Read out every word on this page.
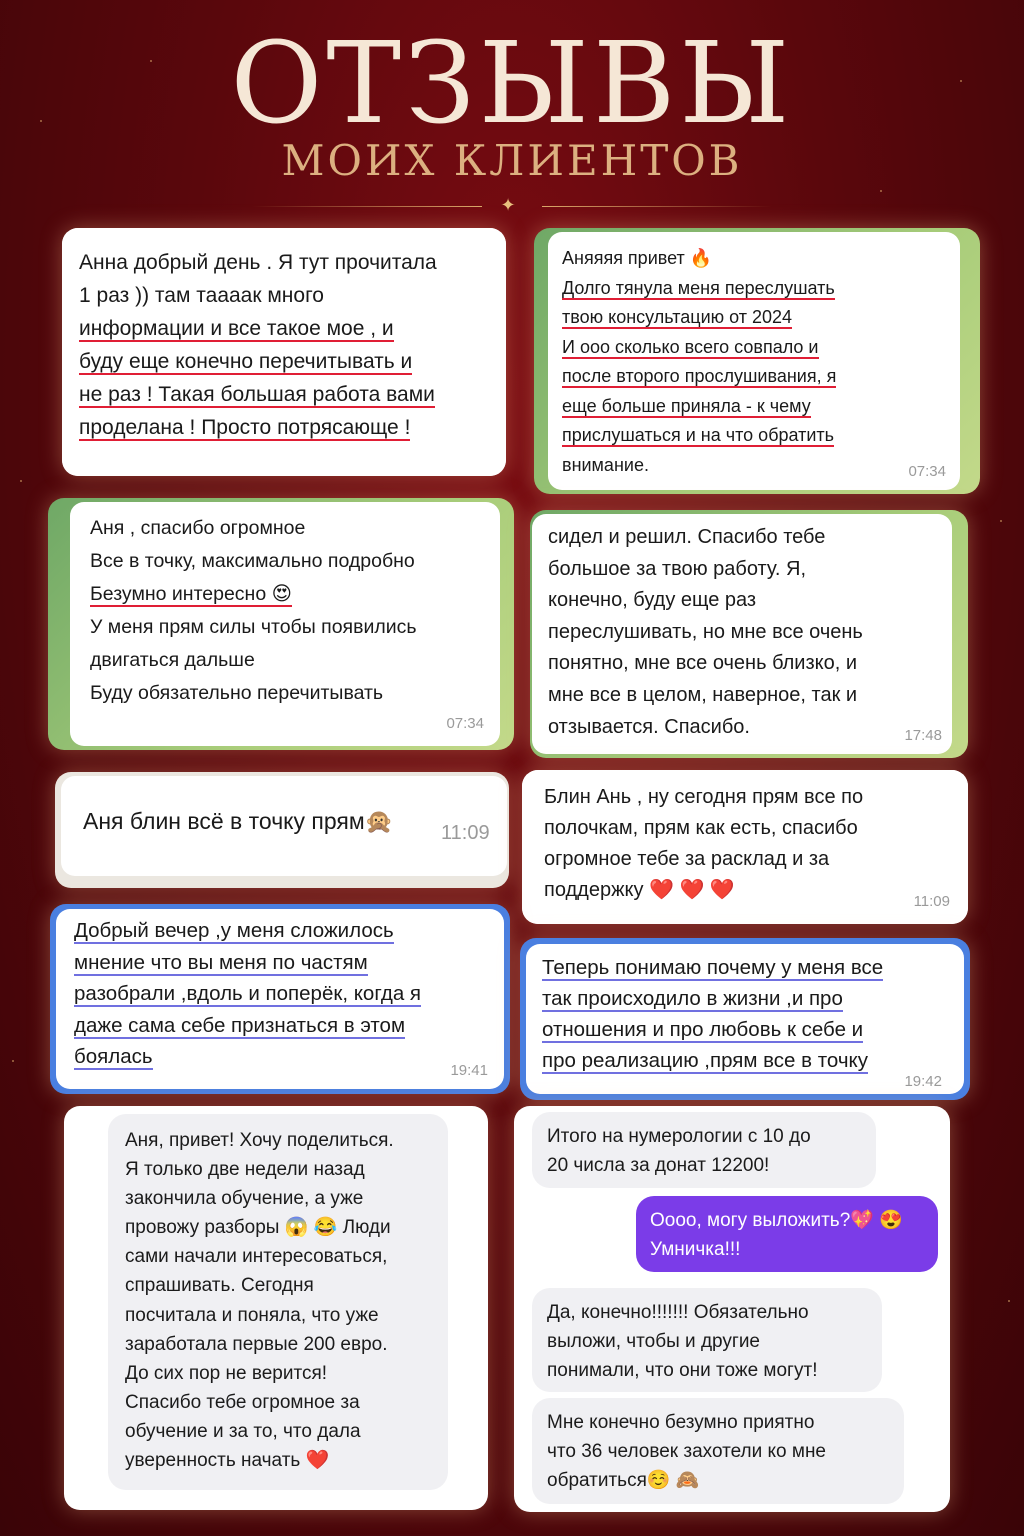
ОТЗЫВЫ
МОИХ КЛИЕНТОВ
✦
Анна добрый день . Я тут прочитала
1 раз )) там таааак много
информации и все такое мое , и
буду еще конечно перечитывать и
не раз ! Такая большая работа вами
проделана ! Просто потрясающе !
Аняяяя привет 🔥
Долго тянула меня переслушать
твою консультацию от 2024
И ооо сколько всего совпало и
после второго прослушивания, я
еще больше приняла - к чему
прислушаться и на что обратить
внимание.	07:34
Аня , спасибо огромное
Все в точку, максимально подробно
Безумно интересно 😍
У меня прям силы чтобы появились
двигаться дальше
Буду обязательно перечитывать
07:34
сидел и решил. Спасибо тебе
большое за твою работу. Я,
конечно, буду еще раз
переслушивать, но мне все очень
понятно, мне все очень близко, и
мне все в целом, наверное, так и
отзывается. Спасибо.	17:48
Аня блин всё в точку прям🙊	11:09
Блин Ань , ну сегодня прям все по
полочкам, прям как есть, спасибо
огромное тебе за расклад и за
поддержку ❤️ ❤️ ❤️
11:09
Добрый вечер ,у меня сложилось
мнение что вы меня по частям
разобрали ,вдоль и поперёк, когда я
даже сама себе признаться в этом
боялась
19:41
Теперь понимаю почему у меня все
так происходило в жизни ,и про
отношения и про любовь к себе и
про реализацию ,прям все в точку
19:42
Аня, привет! Хочу поделиться.
Я только две недели назад
закончила обучение, а уже
провожу разборы 😱 😂 Люди
сами начали интересоваться,
спрашивать. Сегодня
посчитала и поняла, что уже
заработала первые 200 евро.
До сих пор не верится!
Спасибо тебе огромное за
обучение и за то, что дала
уверенность начать ❤️
Итого на нумерологии с 10 до
20 числа за донат 12200!
Оооо, могу выложить?💖 😍
Умничка!!!
Да, конечно!!!!!!! Обязательно
выложи, чтобы и другие
понимали, что они тоже могут!
Мне конечно безумно приятно
что 36 человек захотели ко мне
обратиться☺️ 🙈
